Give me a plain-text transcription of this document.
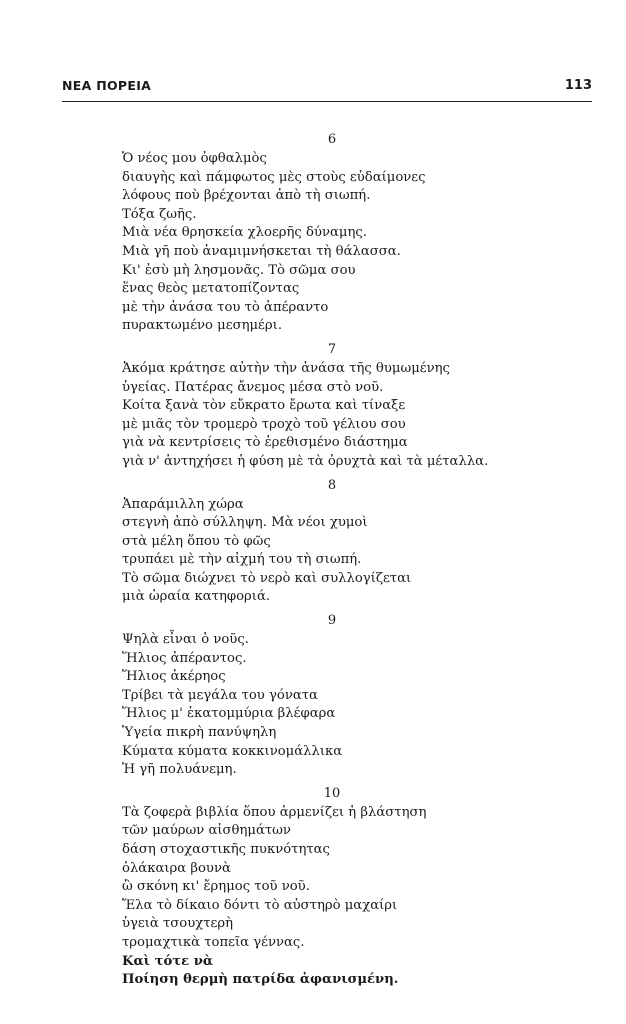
ΝΕΑ ΠΟΡΕΙΑ	113
6
Ὁ νέος μου ὀφθαλμὸς
διαυγὴς καὶ πάμφωτος μὲς στοὺς εὐδαίμονες
λόφους ποὺ βρέχονται ἀπὸ τὴ σιωπή.
Τόξα ζωῆς.
Μιὰ νέα θρησκεία χλοερῆς δύναμης.
Μιὰ γῆ ποὺ ἀναμιμνήσκεται τὴ θάλασσα.
Κι' ἐσὺ μὴ λησμονᾶς. Τὸ σῶμα σου
ἕνας θεὸς μετατοπίζοντας
μὲ τὴν ἀνάσα του τὸ ἀπέραντο
πυρακτωμένο μεσημέρι.
7
Ἀκόμα κράτησε αὐτὴν τὴν ἀνάσα τῆς θυμωμένης
ὑγείας. Πατέρας ἄνεμος μέσα στὸ νοῦ.
Κοίτα ξανὰ τὸν εὔκρατο ἔρωτα καὶ τίναξε
μὲ μιᾶς τὸν τρομερὸ τροχὸ τοῦ γέλιου σου
γιὰ νὰ κεντρίσεις τὸ ἐρεθισμένο διάστημα
γιὰ ν' ἀντηχήσει ἡ φύση μὲ τὰ ὀρυχτὰ καὶ τὰ μέταλλα.
8
Ἀπαράμιλλη χώρα
στεγνὴ ἀπὸ σύλληψη. Μὰ νέοι χυμοὶ
στὰ μέλη ὅπου τὸ φῶς
τρυπάει μὲ τὴν αἰχμή του τὴ σιωπή.
Τὸ σῶμα διώχνει τὸ νερὸ καὶ συλλογίζεται
μιὰ ὡραία κατηφοριά.
9
Ψηλὰ εἶναι ὁ νοῦς.
Ἥλιος ἀπέραντος.
Ἥλιος ἀκέρηος
Τρίβει τὰ μεγάλα του γόνατα
Ἥλιος μ' ἑκατομμύρια βλέφαρα
Ὑγεία πικρὴ πανύψηλη
Κύματα κύματα κοκκινομάλλικα
Ἡ γῆ πολυάνεμη.
10
Τὰ ζοφερὰ βιβλία ὅπου ἀρμενίζει ἡ βλάστηση
τῶν μαύρων αἰσθημάτων
δάση στοχαστικῆς πυκνότητας
ὁλάκαιρα βουνὰ
ὢ σκόνη κι' ἔρημος τοῦ νοῦ.
Ἔλα τὸ δίκαιο δόντι τὸ αὐστηρὸ μαχαίρι
ὑγειὰ τσουχτερὴ
τρομαχτικὰ τοπεῖα γέννας.
Καὶ τότε νὰ
Ποίηση θερμὴ πατρίδα ἀφανισμένη.
